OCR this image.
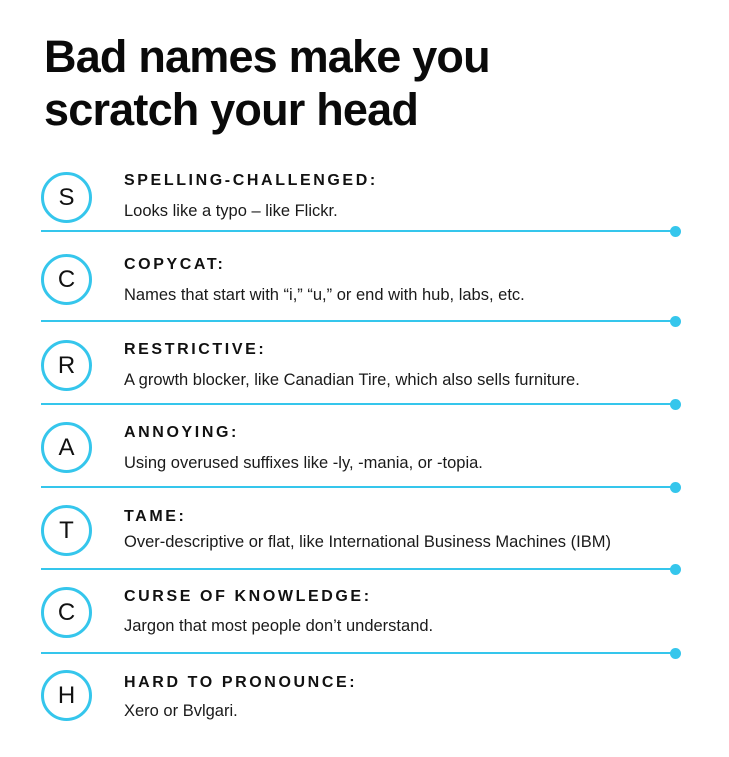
Bad names make you
scratch your head
S
SPELLING-CHALLENGED:
Looks like a typo – like Flickr.
C
COPYCAT:
Names that start with “i,” “u,” or end with hub, labs, etc.
R
RESTRICTIVE:
A growth blocker, like Canadian Tire, which also sells furniture.
A
ANNOYING:
Using overused suffixes like -ly, -mania, or -topia.
T	TAME:
Over-descriptive or flat, like International Business Machines (IBM)
C
CURSE OF KNOWLEDGE:
Jargon that most people don’t understand.
H	HARD TO PRONOUNCE:
Xero or Bvlgari.
